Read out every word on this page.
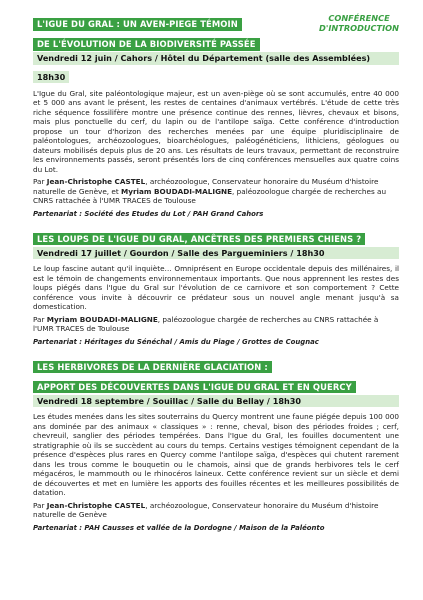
CONFÉRENCE
D'INTRODUCTION
L'IGUE DU GRAL : UN AVEN-PIEGE TÉMOIN
DE L'ÉVOLUTION DE LA BIODIVERSITÉ PASSÉE
Vendredi 12 juin / Cahors / Hôtel du Département (salle des Assemblées)
18h30

L'Igue du Gral, site paléontologique majeur, est un aven-piège où se sont accumulés, entre 40 000 et 5 000 ans avant le présent, les restes de centaines d'animaux vertébrés. L'étude de cette très riche séquence fossilifère montre une présence continue des rennes, lièvres, chevaux et bisons, mais plus ponctuelle du cerf, du lapin ou de l'antilope saïga. Cette conférence d'introduction propose un tour d'horizon des recherches menées par une équipe pluridisciplinaire de paléontologues, archéozoologues, bioarchéologues, paléogénéticiens, lithiciens, géologues ou dateurs mobilisés depuis plus de 20 ans. Les résultats de leurs travaux, permettant de reconstruire les environnements passés, seront présentés lors de cinq conférences mensuelles aux quatre coins du Lot.

Par Jean-Christophe CASTEL, archéozoologue, Conservateur honoraire du Muséum d'histoire naturelle de Genève, et Myriam BOUDADI-MALIGNE, paléozoologue chargée de recherches au CNRS rattachée à l'UMR TRACES de Toulouse

Partenariat : Société des Etudes du Lot / PAH Grand Cahors

LES LOUPS DE L'IGUE DU GRAL, ANCÊTRES DES PREMIERS CHIENS ?
Vendredi 17 juillet / Gourdon / Salle des Pargueminiers / 18h30

Le loup fascine autant qu'il inquiète… Omniprésent en Europe occidentale depuis des millénaires, il est le témoin de changements environnementaux importants. Que nous apprennent les restes des loups piégés dans l'Igue du Gral sur l'évolution de ce carnivore et son comportement ? Cette conférence vous invite à découvrir ce prédateur sous un nouvel angle menant jusqu'à sa domestication.

Par Myriam BOUDADI-MALIGNE, paléozoologue chargée de recherches au CNRS rattachée à l'UMR TRACES de Toulouse

Partenariat : Héritages du Sénéchal / Amis du Piage / Grottes de Cougnac

LES HERBIVORES DE LA DERNIÈRE GLACIATION :
APPORT DES DÉCOUVERTES DANS L'IGUE DU GRAL ET EN QUERCY
Vendredi 18 septembre / Souillac / Salle du Bellay / 18h30

Les études menées dans les sites souterrains du Quercy montrent une faune piégée depuis 100 000 ans dominée par des animaux « classiques » : renne, cheval, bison des périodes froides ; cerf, chevreuil, sanglier des périodes tempérées. Dans l'Igue du Gral, les fouilles documentent une stratigraphie où ils se succèdent au cours du temps. Certains vestiges témoignent cependant de la présence d'espèces plus rares en Quercy comme l'antilope saïga, d'espèces qui chutent rarement dans les trous comme le bouquetin ou le chamois, ainsi que de grands herbivores tels le cerf mégacéros, le mammouth ou le rhinocéros laineux. Cette conférence revient sur un siècle et demi de découvertes et met en lumière les apports des fouilles récentes et les meilleures possibilités de datation.

Par Jean-Christophe CASTEL, archéozoologue, Conservateur honoraire du Muséum d'histoire naturelle de Genève

Partenariat : PAH Causses et vallée de la Dordogne / Maison de la Paléonto
